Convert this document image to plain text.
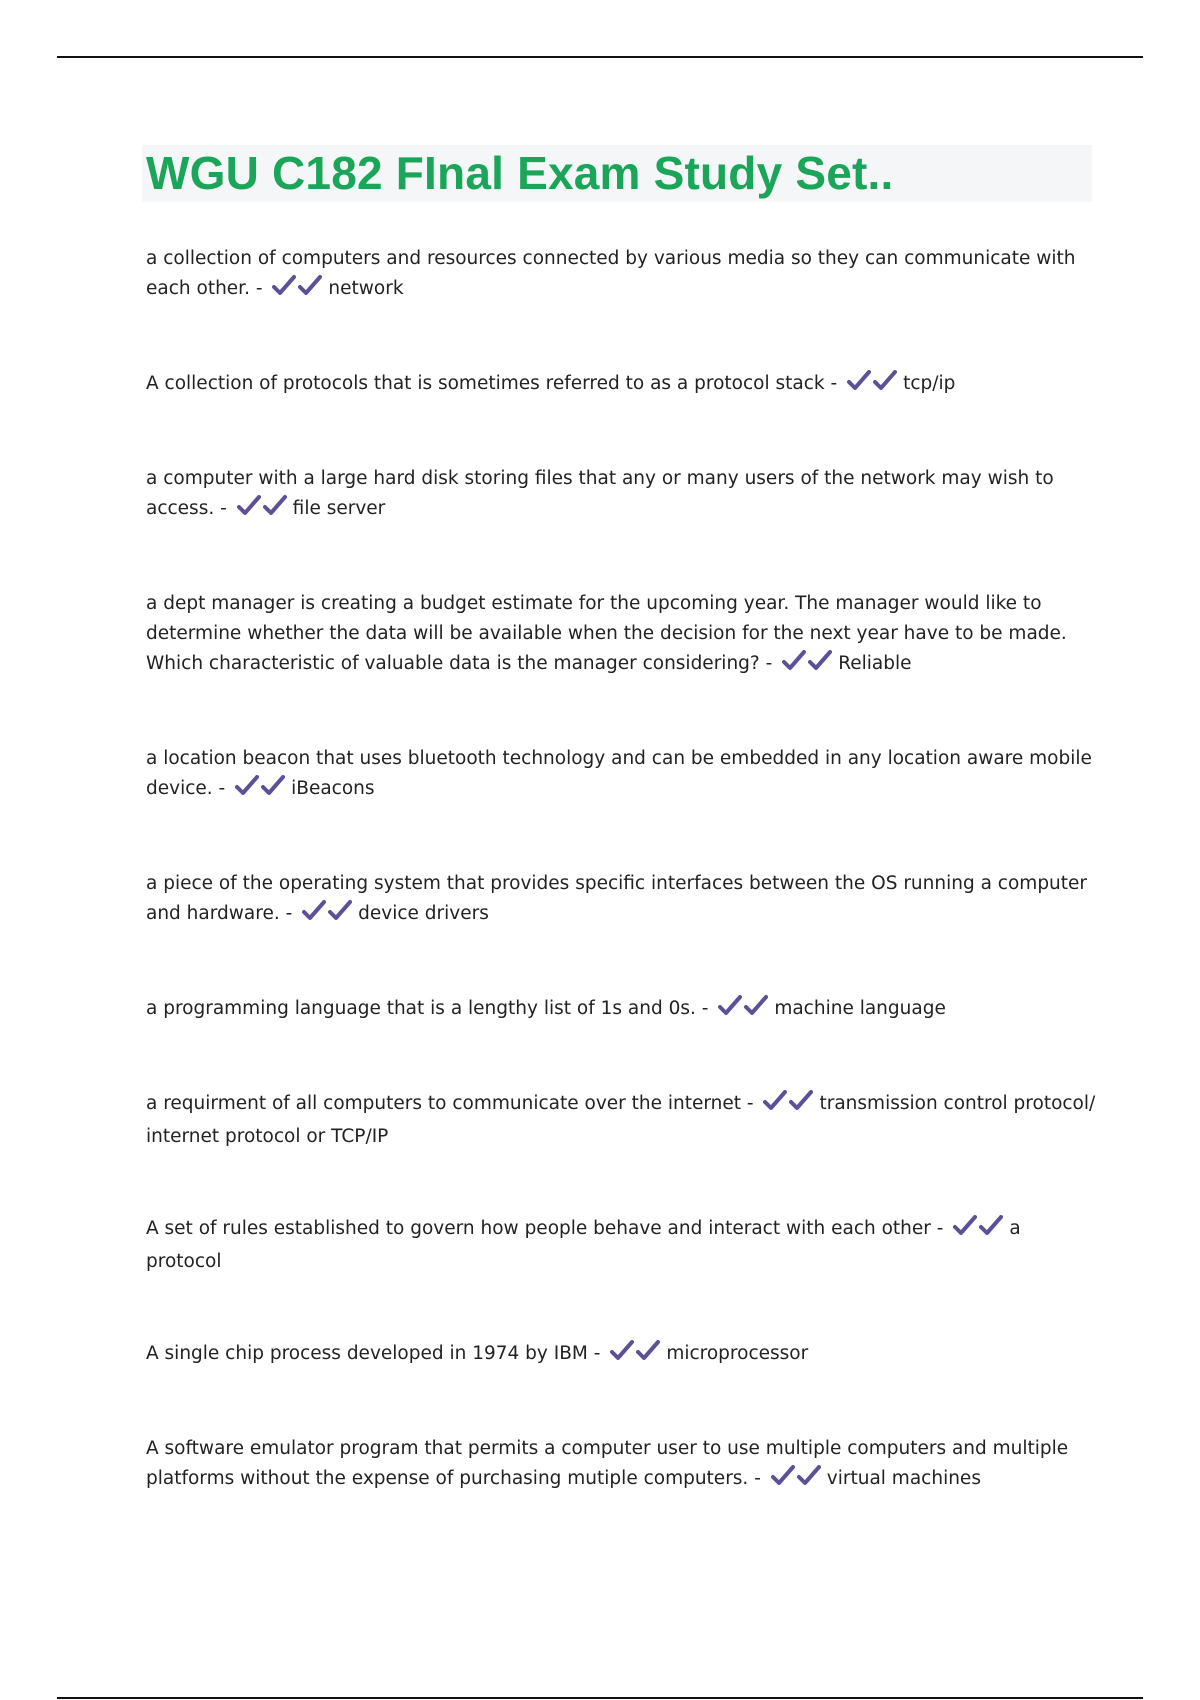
WGU C182 FInal Exam Study Set..
a collection of computers and resources connected by various media so they can communicate with each other. -	network
A collection of protocols that is sometimes referred to as a protocol stack -	tcp/ip
a computer with a large hard disk storing files that any or many users of the network may wish to access. -	file server
a dept manager is creating a budget estimate for the upcoming year. The manager would like to determine whether the data will be available when the decision for the next year have to be made. Which characteristic of valuable data is the manager considering? -	Reliable
a location beacon that uses bluetooth technology and can be embedded in any location aware mobile device. -	iBeacons
a piece of the operating system that provides specific interfaces between the OS running a computer and hardware. -	device drivers
a programming language that is a lengthy list of 1s and 0s. -	machine language
a requirment of all computers to communicate over the internet -	transmission control protocol/ internet protocol or TCP/IP
A set of rules established to govern how people behave and interact with each other -	a protocol
A single chip process developed in 1974 by IBM -	microprocessor
A software emulator program that permits a computer user to use multiple computers and multiple platforms without the expense of purchasing mutiple computers. -	virtual machines
